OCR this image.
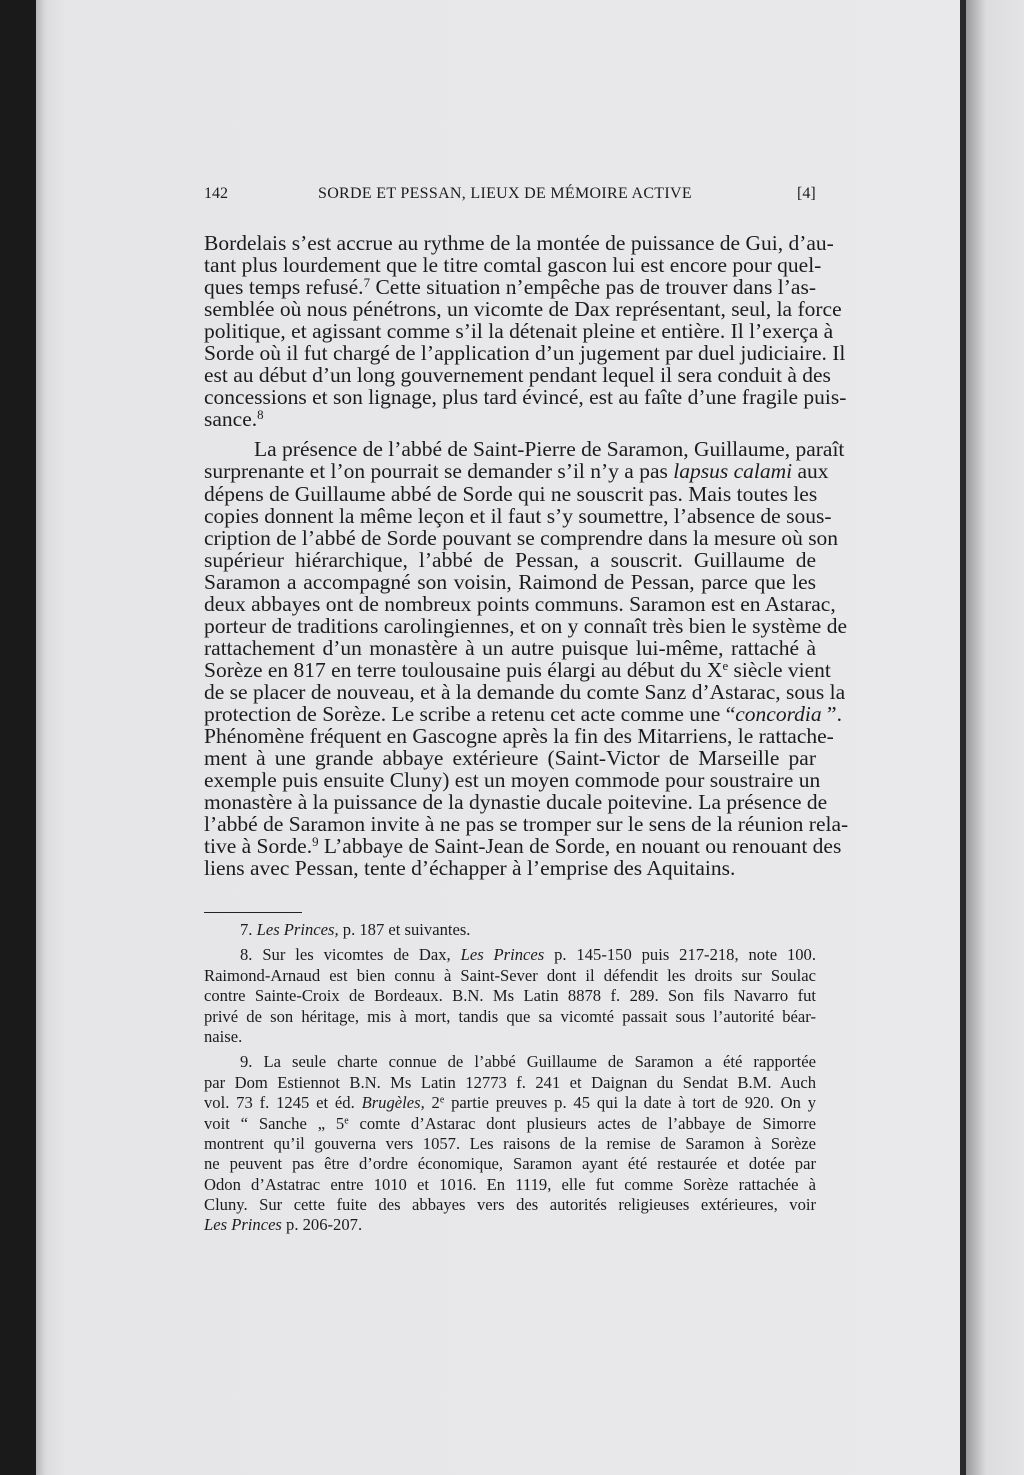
142	SORDE ET PESSAN, LIEUX DE MÉMOIRE ACTIVE	[4]
Bordelais s’est accrue au rythme de la montée de puissance de Gui, d’au-
tant plus lourdement que le titre comtal gascon lui est encore pour quel-
ques temps refusé.$^7$ Cette situation n’empêche pas de trouver dans l’as-
semblée où nous pénétrons, un vicomte de Dax représentant, seul, la force
politique, et agissant comme s’il la détenait pleine et entière. Il l’exerça à
Sorde où il fut chargé de l’application d’un jugement par duel judiciaire. Il
est au début d’un long gouvernement pendant lequel il sera conduit à des
concessions et son lignage, plus tard évincé, est au faîte d’une fragile puis-
sance.$^8$
La présence de l’abbé de Saint-Pierre de Saramon, Guillaume, paraît
surprenante et l’on pourrait se demander s’il n’y a pas lapsus calami aux
dépens de Guillaume abbé de Sorde qui ne souscrit pas. Mais toutes les
copies donnent la même leçon et il faut s’y soumettre, l’absence de sous-
cription de l’abbé de Sorde pouvant se comprendre dans la mesure où son
supérieur hiérarchique, l’abbé de Pessan, a souscrit. Guillaume de
Saramon a accompagné son voisin, Raimond de Pessan, parce que les
deux abbayes ont de nombreux points communs. Saramon est en Astarac,
porteur de traditions carolingiennes, et on y connaît très bien le système de
rattachement d’un monastère à un autre puisque lui-même, rattaché à
Sorèze en 817 en terre toulousaine puis élargi au début du Xe siècle vient
de se placer de nouveau, et à la demande du comte Sanz d’Astarac, sous la
protection de Sorèze. Le scribe a retenu cet acte comme une “concordia ”.
Phénomène fréquent en Gascogne après la fin des Mitarriens, le rattache-
ment à une grande abbaye extérieure (Saint-Victor de Marseille par
exemple puis ensuite Cluny) est un moyen commode pour soustraire un
monastère à la puissance de la dynastie ducale poitevine. La présence de
l’abbé de Saramon invite à ne pas se tromper sur le sens de la réunion rela-
tive à Sorde.$^9$ L’abbaye de Saint-Jean de Sorde, en nouant ou renouant des
liens avec Pessan, tente d’échapper à l’emprise des Aquitains.
7. Les Princes, p. 187 et suivantes.
8. Sur les vicomtes de Dax, Les Princes p. 145-150 puis 217-218, note 100.
Raimond-Arnaud est bien connu à Saint-Sever dont il défendit les droits sur Soulac
contre Sainte-Croix de Bordeaux. B.N. Ms Latin 8878 f. 289. Son fils Navarro fut
privé de son héritage, mis à mort, tandis que sa vicomté passait sous l’autorité béar-
naise.
9. La seule charte connue de l’abbé Guillaume de Saramon a été rapportée
par Dom Estiennot B.N. Ms Latin 12773 f. 241 et Daignan du Sendat B.M. Auch
vol. 73 f. 1245 et éd. Brugèles, 2e partie preuves p. 45 qui la date à tort de 920. On y
voit “ Sanche „ 5e comte d’Astarac dont plusieurs actes de l’abbaye de Simorre
montrent qu’il gouverna vers 1057. Les raisons de la remise de Saramon à Sorèze
ne peuvent pas être d’ordre économique, Saramon ayant été restaurée et dotée par
Odon d’Astatrac entre 1010 et 1016. En 1119, elle fut comme Sorèze rattachée à
Cluny. Sur cette fuite des abbayes vers des autorités religieuses extérieures, voir
Les Princes p. 206-207.
